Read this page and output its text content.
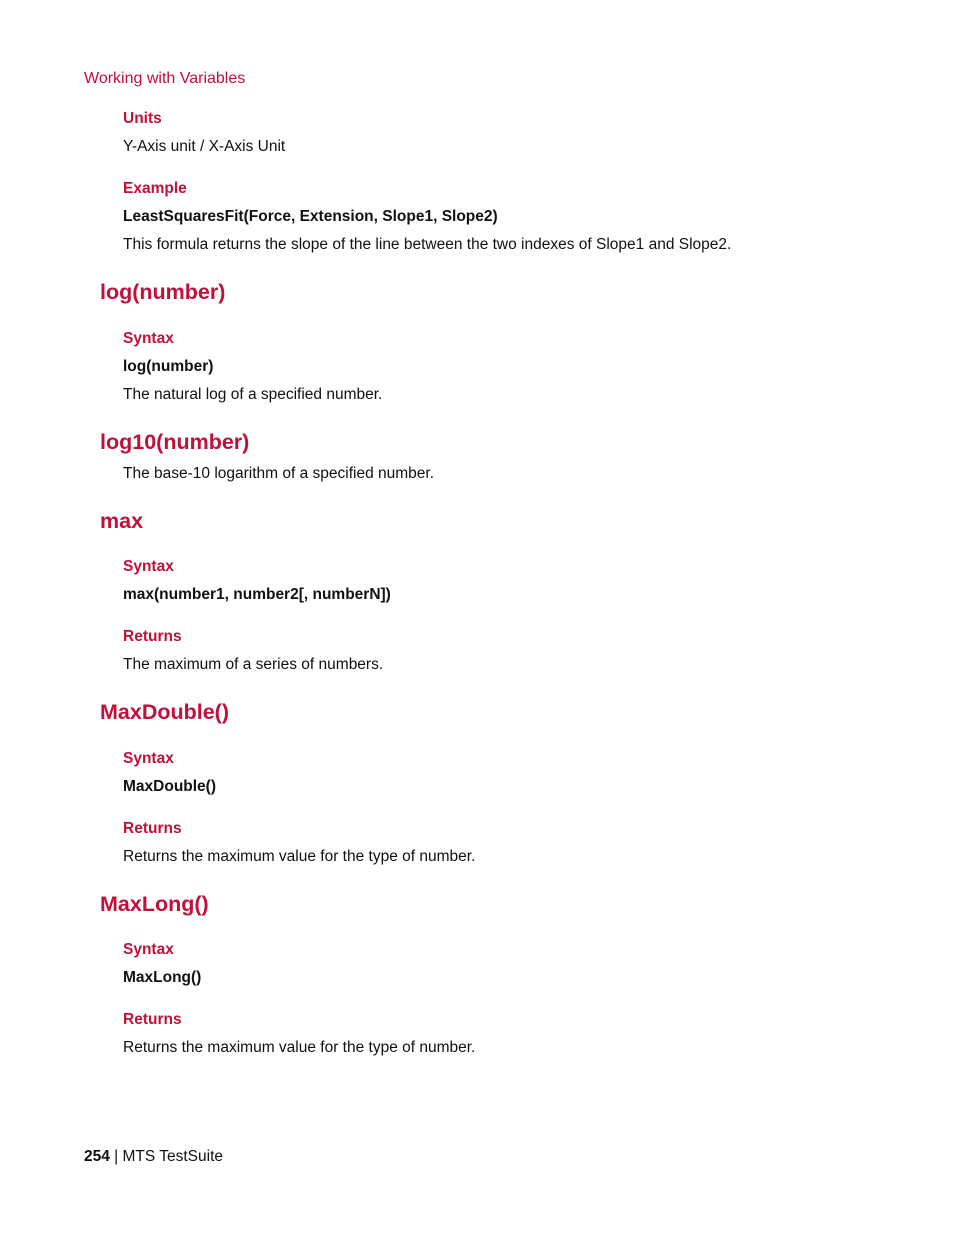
Working with Variables
Units
Y-Axis unit / X-Axis Unit
Example
LeastSquaresFit(Force, Extension, Slope1, Slope2)
This formula returns the slope of the line between the two indexes of Slope1 and Slope2.
log(number)
Syntax
log(number)
The natural log of a specified number.
log10(number)
The base-10 logarithm of a specified number.
max
Syntax
max(number1, number2[, numberN])
Returns
The maximum of a series of numbers.
MaxDouble()
Syntax
MaxDouble()
Returns
Returns the maximum value for the type of number.
MaxLong()
Syntax
MaxLong()
Returns
Returns the maximum value for the type of number.
254 | MTS TestSuite
